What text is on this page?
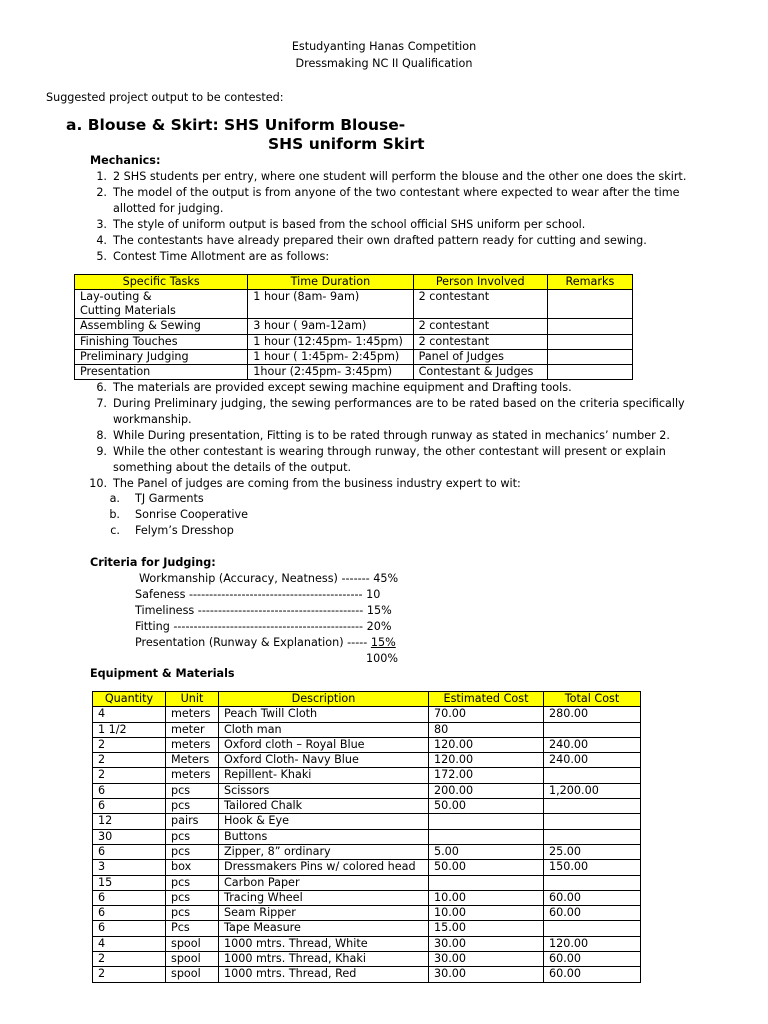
Estudyanting Hanas Competition
Dressmaking NC II Qualification
Suggested project output to be contested:
a. Blouse & Skirt: SHS Uniform Blouse-
SHS uniform Skirt
Mechanics:
1. 2 SHS students per entry, where one student will perform the blouse and the other one does the skirt.
2. The model of the output is from anyone of the two contestant where expected to wear after the time
allotted for judging.
3. The style of uniform output is based from the school official SHS uniform per school.
4. The contestants have already prepared their own drafted pattern ready for cutting and sewing.
5. Contest Time Allotment are as follows:
Specific Tasks	Time Duration	Person Involved	Remarks
Lay-outing &
Cutting Materials	1 hour (8am- 9am)	2 contestant	
Assembling & Sewing	3 hour ( 9am-12am)	2 contestant	
Finishing Touches	1 hour (12:45pm- 1:45pm)	2 contestant	
Preliminary Judging	1 hour ( 1:45pm- 2:45pm)	Panel of Judges	
Presentation	1hour (2:45pm- 3:45pm)	Contestant & Judges	
6. The materials are provided except sewing machine equipment and Drafting tools.
7. During Preliminary judging, the sewing performances are to be rated based on the criteria specifically
workmanship.
8. While During presentation, Fitting is to be rated through runway as stated in mechanics’ number 2.
9. While the other contestant is wearing through runway, the other contestant will present or explain
something about the details of the output.
10. The Panel of judges are coming from the business industry expert to wit:
a. TJ Garments
b. Sonrise Cooperative
c. Felym’s Dresshop
Criteria for Judging:
Workmanship (Accuracy, Neatness) ------- 45%
Safeness ------------------------------------------- 10
Timeliness ----------------------------------------- 15%
Fitting ----------------------------------------------- 20%
Presentation (Runway & Explanation) ----- 15%
100%
Equipment & Materials
Quantity	Unit	Description	Estimated Cost	Total Cost
4	meters	Peach Twill Cloth	70.00	280.00
1 1/2	meter	Cloth man	80	
2	meters	Oxford cloth – Royal Blue	120.00	240.00
2	Meters	Oxford Cloth- Navy Blue	120.00	240.00
2	meters	Repillent- Khaki	172.00	
6	pcs	Scissors	200.00	1,200.00
6	pcs	Tailored Chalk	50.00	
12	pairs	Hook & Eye		
30	pcs	Buttons		
6	pcs	Zipper, 8” ordinary	5.00	25.00
3	box	Dressmakers Pins w/ colored head	50.00	150.00
15	pcs	Carbon Paper		
6	pcs	Tracing Wheel	10.00	60.00
6	pcs	Seam Ripper	10.00	60.00
6	Pcs	Tape Measure	15.00	
4	spool	1000 mtrs. Thread, White	30.00	120.00
2	spool	1000 mtrs. Thread, Khaki	30.00	60.00
2	spool	1000 mtrs. Thread, Red	30.00	60.00
